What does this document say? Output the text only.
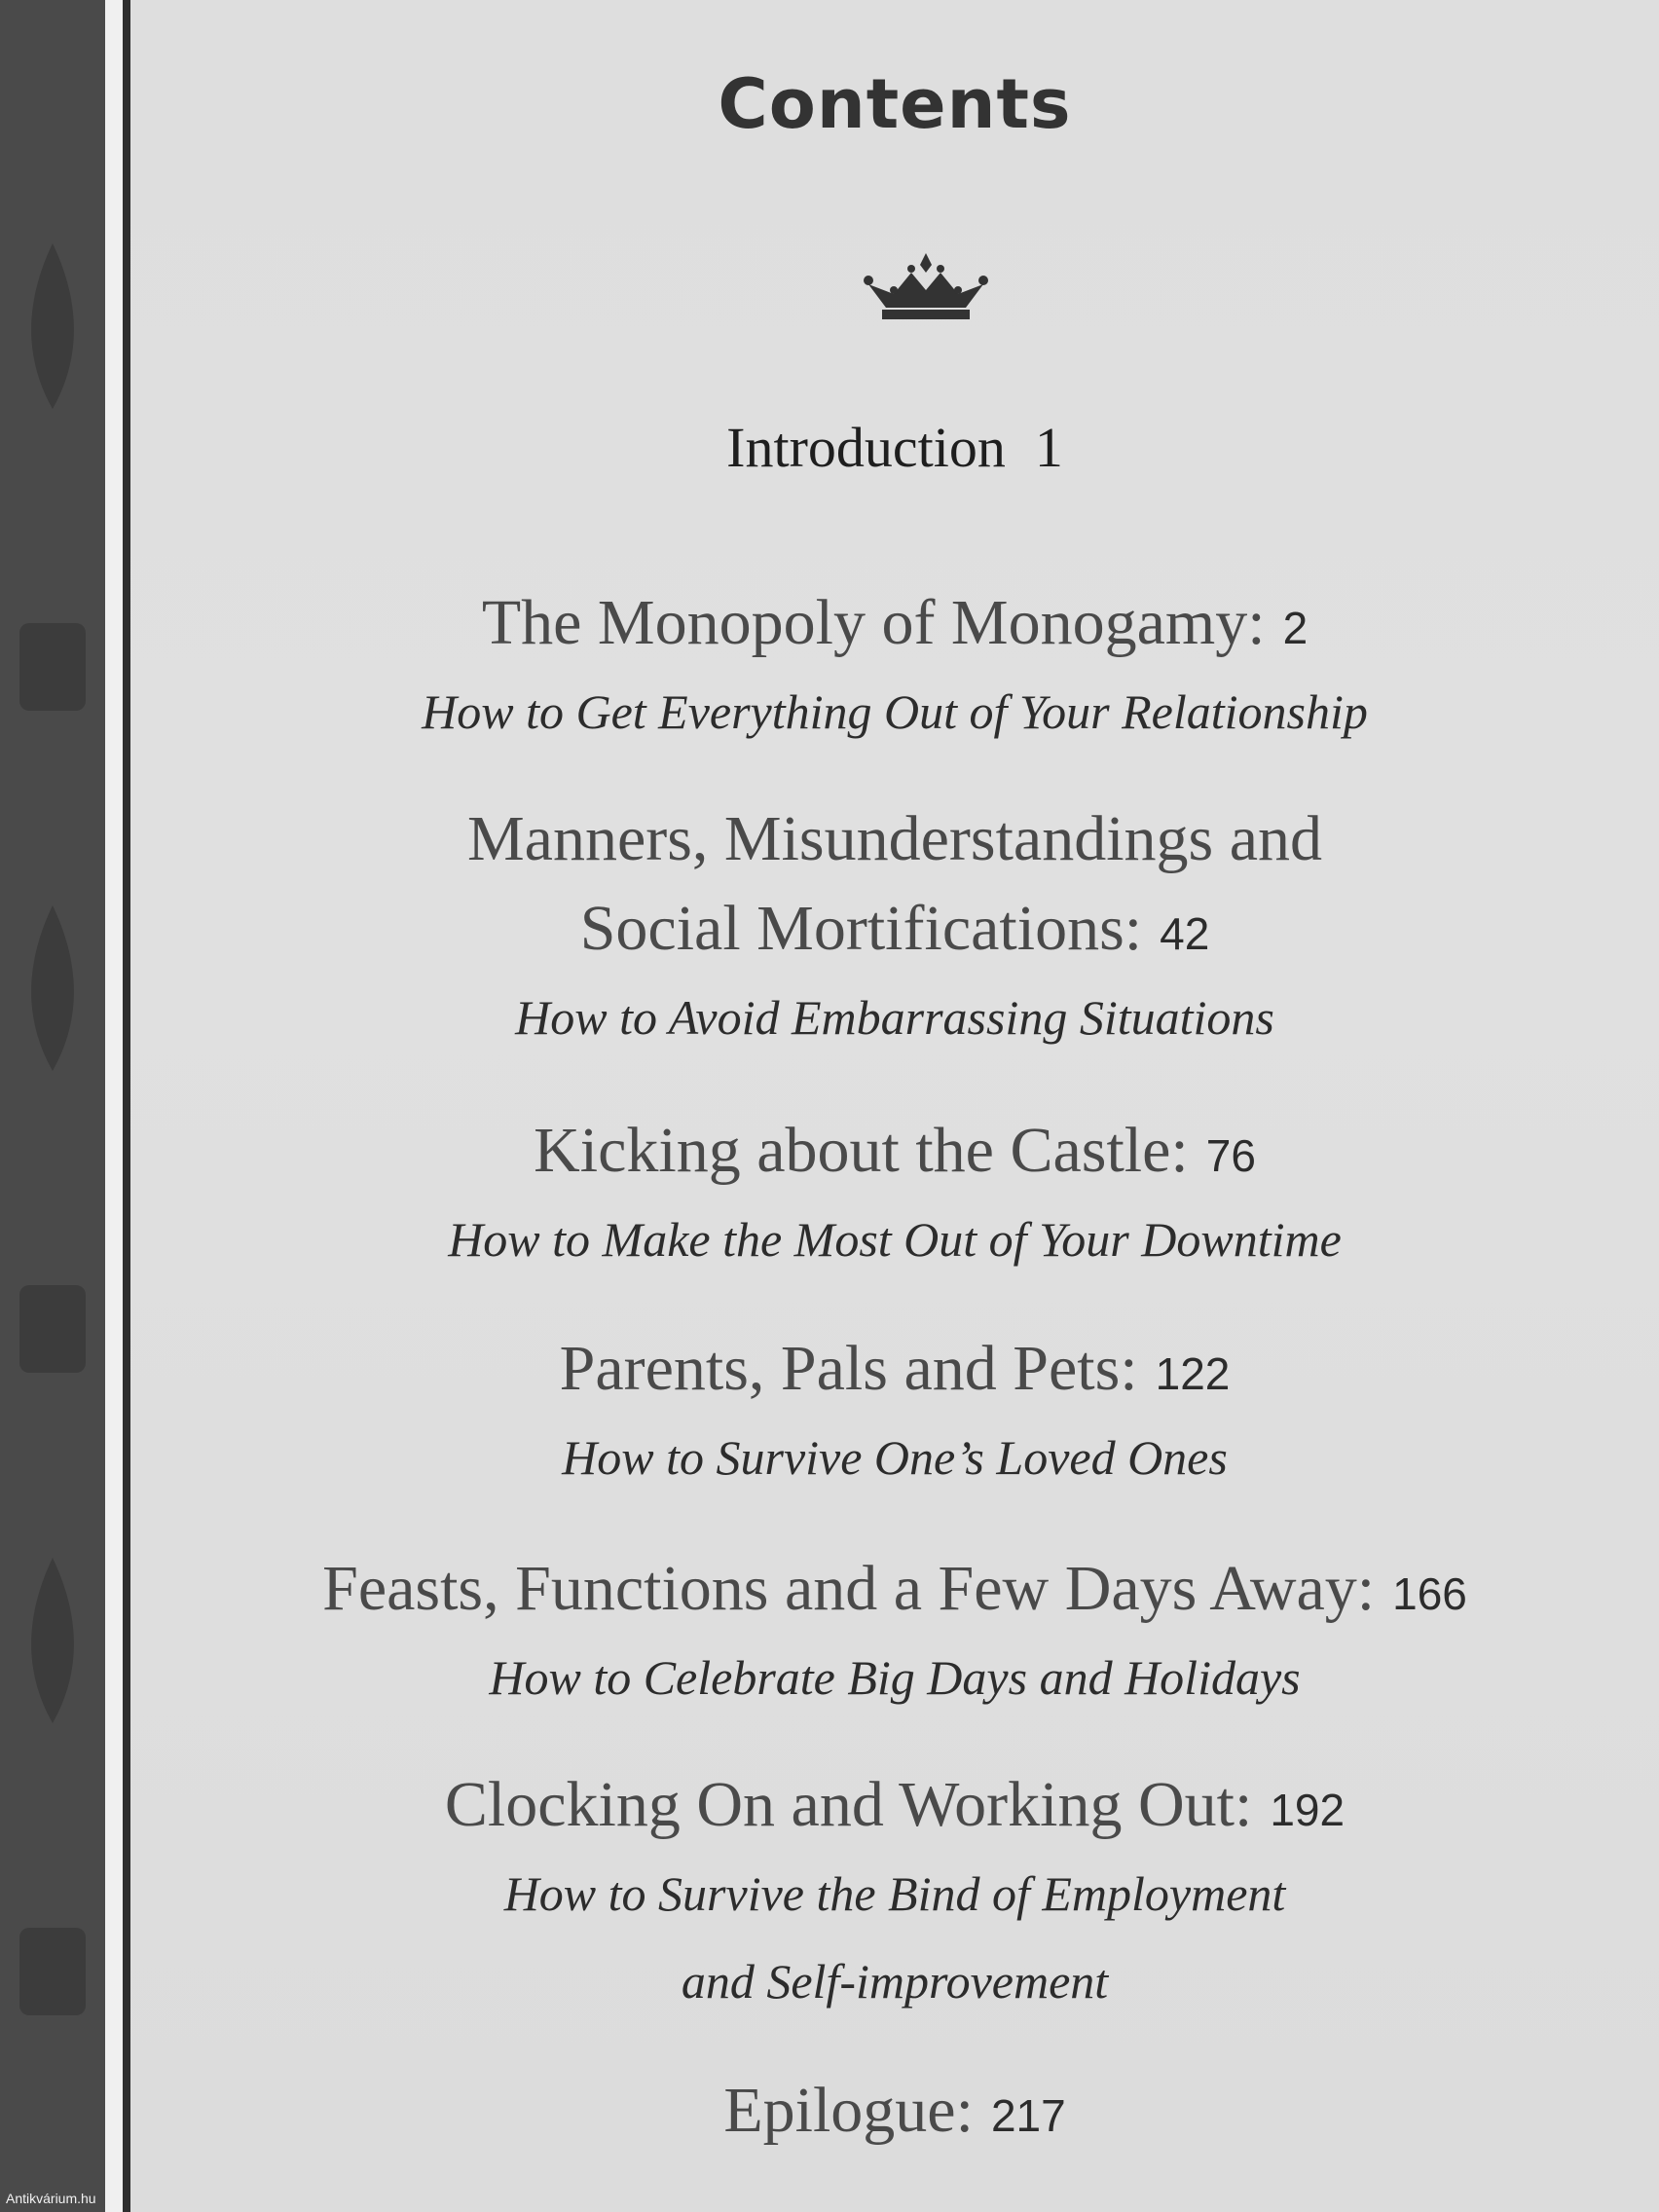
Antikvárium.hu
Contents
Introduction 1
The Monopoly of Monogamy: 2
How to Get Everything Out of Your Relationship
Manners, Misunderstandings and
Social Mortifications: 42
How to Avoid Embarrassing Situations
Kicking about the Castle: 76
How to Make the Most Out of Your Downtime
Parents, Pals and Pets: 122
How to Survive One’s Loved Ones
Feasts, Functions and a Few Days Away: 166
How to Celebrate Big Days and Holidays
Clocking On and Working Out: 192
How to Survive the Bind of Employment
and Self-improvement
Epilogue: 217
